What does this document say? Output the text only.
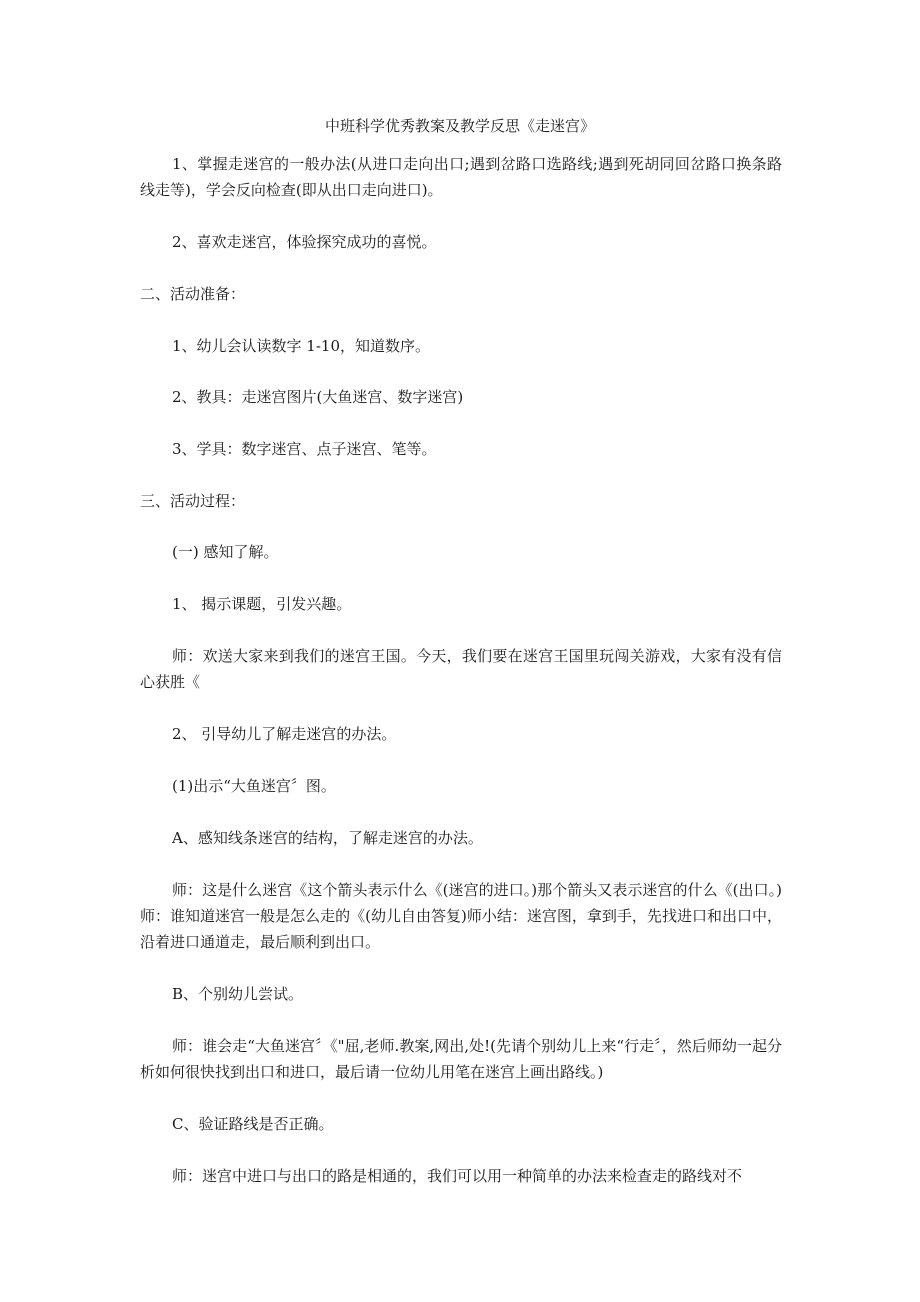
中班科学优秀教案及教学反思《走迷宫》
1、掌握走迷宫的一般办法(从进口走向出口;遇到岔路口选路线;遇到死胡同回岔路口换条路线走等)，学会反向检查(即从出口走向进口)。
2、喜欢走迷宫，体验探究成功的喜悦。
二、活动准备：
1、幼儿会认读数字 1-10，知道数序。
2、教具：走迷宫图片(大鱼迷宫、数字迷宫)
3、学具：数字迷宫、点子迷宫、笔等。
三、活动过程：
(一) 感知了解。
1、 揭示课题，引发兴趣。
师：欢送大家来到我们的迷宫王国。今天，我们要在迷宫王国里玩闯关游戏，大家有没有信心获胜《
2、 引导幼儿了解走迷宫的办法。
(1)出示“大鱼迷宫〞图。
A、感知线条迷宫的结构，了解走迷宫的办法。
师：这是什么迷宫《这个箭头表示什么《(迷宫的进口。)那个箭头又表示迷宫的什么《(出口。)师：谁知道迷宫一般是怎么走的《(幼儿自由答复)师小结：迷宫图，拿到手，先找进口和出口中，沿着进口通道走，最后顺利到出口。
B、个别幼儿尝试。
师：谁会走“大鱼迷宫〞《"屈,老师.教案,网出,处!(先请个别幼儿上来“行走〞，然后师幼一起分析如何很快找到出口和进口，最后请一位幼儿用笔在迷宫上画出路线。)
C、验证路线是否正确。
师：迷宫中进口与出口的路是相通的，我们可以用一种简单的办法来检查走的路线对不
